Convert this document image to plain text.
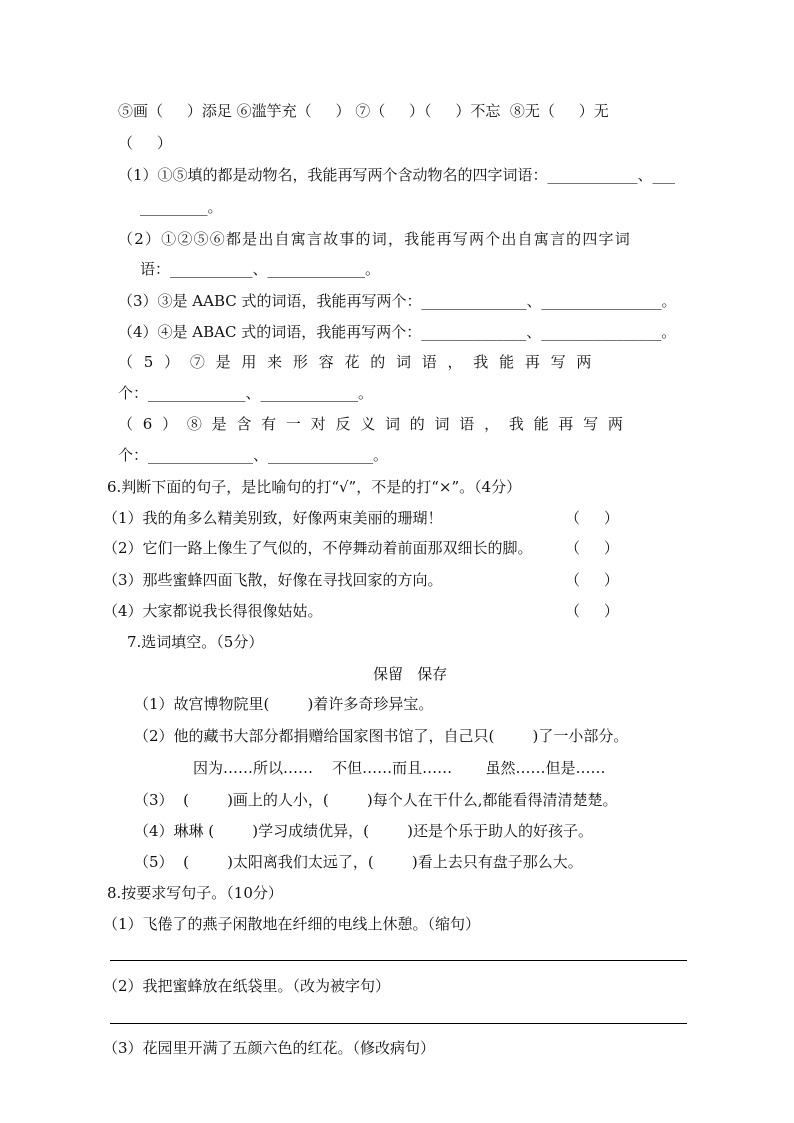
⑤画（     ）添足 ⑥滥竽充（     ） ⑦（     ）（     ）不忘  ⑧无（     ）无
（     ）
（1）①⑤填的都是动物名，我能再写两个含动物名的四字词语：____________、___
_________。
（2）①②⑤⑥都是出自寓言故事的词，我能再写两个出自寓言的四字词
语：___________、_____________。
（3）③是 AABC 式的词语，我能再写两个：______________、________________。
（4）④是 ABAC 式的词语，我能再写两个：______________、________________。
（ 5 ） ⑦ 是 用 来 形 容 花 的 词 语 ， 我 能 再 写 两
个：_____________、_____________。
（ 6 ） ⑧ 是 含 有 一 对 反 义 词 的 词 语 ， 我 能 再 写 两
个：______________、______________。
6.判断下面的句子，是比喻句的打“√”，不是的打“×”。（4分）
（1）我的角多么精美别致，好像两束美丽的珊瑚！	（     ）
（2）它们一路上像生了气似的，不停舞动着前面那双细长的脚。 （     ）
（3）那些蜜蜂四面飞散，好像在寻找回家的方向。	（     ）
（4）大家都说我长得很像姑姑。	（     ）
7.选词填空。（5分）
保留   保存
（1）故宫博物院里(        )着许多奇珍异宝。
（2）他的藏书大部分都捐赠给国家图书馆了，自己只(        )了一小部分。
因为……所以……    不但……而且……       虽然……但是……
（3）  (        )画上的人小，(        )每个人在干什么,都能看得清清楚楚。
（4）琳琳 (        )学习成绩优异，(        )还是个乐于助人的好孩子。
（5）  (        )太阳离我们太远了，(        )看上去只有盘子那么大。
8.按要求写句子。（10分）
（1）飞倦了的燕子闲散地在纤细的电线上休憩。（缩句）
（2）我把蜜蜂放在纸袋里。（改为被字句）
（3）花园里开满了五颜六色的红花。（修改病句）
